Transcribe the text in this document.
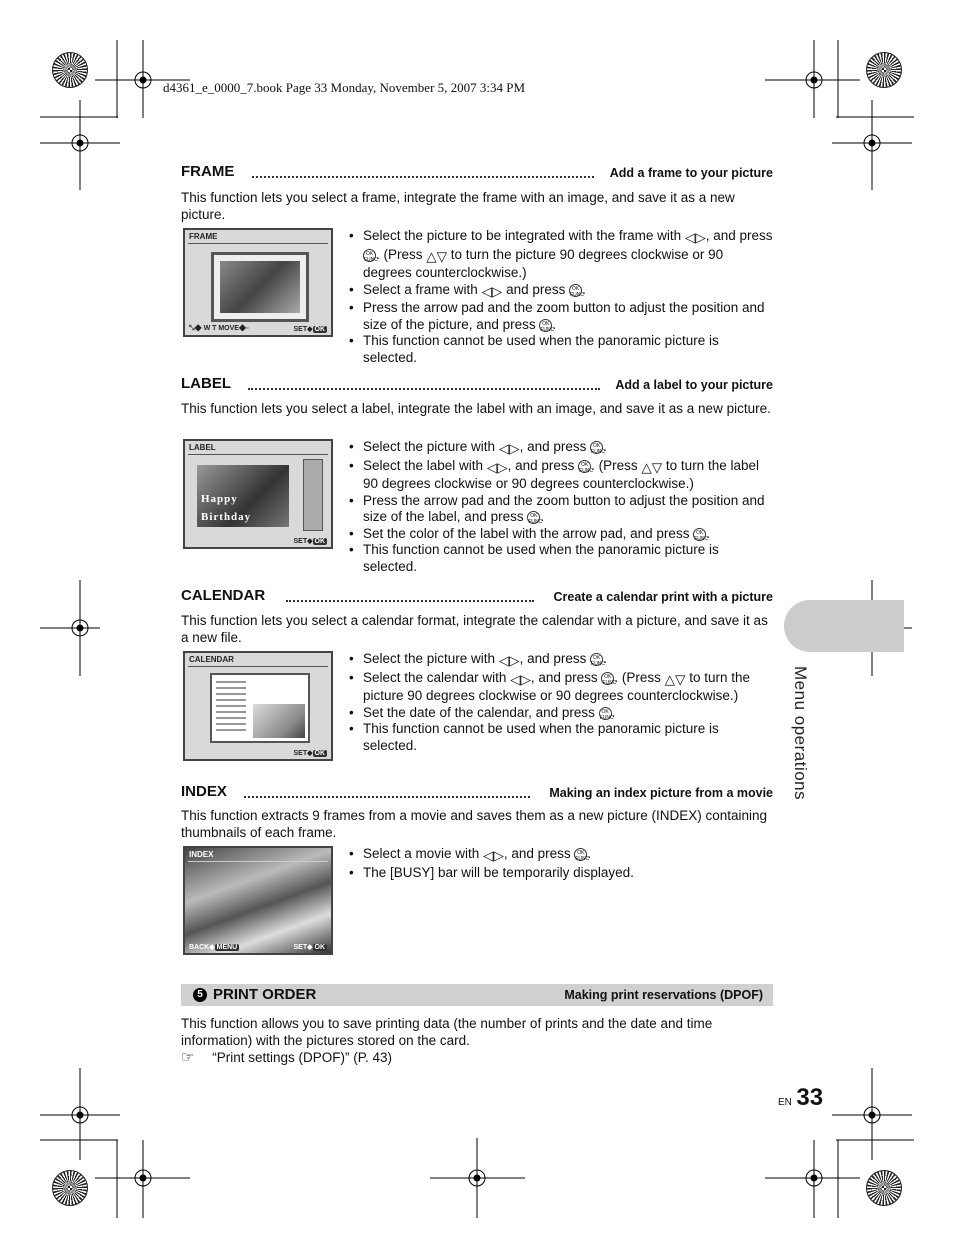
d4361_e_0000_7.book Page 33 Monday, November 5, 2007 3:34 PM
FRAME	Add a frame to your picture
This function lets you select a frame, integrate the frame with an image, and save it as a new picture.
FRAME
⤡◆ W T MOVE◆▫	SET◆ OK
• Select the picture to be integrated with the frame with ◁▷, and press OK
FUNC. (Press △▽ to turn the picture 90 degrees clockwise or 90 degrees counterclockwise.)
• Select a frame with ◁▷ and press OK
FUNC.
• Press the arrow pad and the zoom button to adjust the position and size of the picture, and press OK
FUNC.
• This function cannot be used when the panoramic picture is selected.
LABEL	Add a label to your picture
This function lets you select a label, integrate the label with an image, and save it as a new picture.
LABEL
Happy
Birthday
SET◆ OK
• Select the picture with ◁▷, and press OK
FUNC.
• Select the label with ◁▷, and press OK
FUNC. (Press △▽ to turn the label 90 degrees clockwise or 90 degrees counterclockwise.)
• Press the arrow pad and the zoom button to adjust the position and size of the label, and press OK
FUNC.
• Set the color of the label with the arrow pad, and press OK
FUNC.
• This function cannot be used when the panoramic picture is selected.
CALENDAR	Create a calendar print with a picture
This function lets you select a calendar format, integrate the calendar with a picture, and save it as a new file.
CALENDAR
SET◆ OK
• Select the picture with ◁▷, and press OK
FUNC.
• Select the calendar with ◁▷, and press OK
FUNC. (Press △▽ to turn the picture 90 degrees clockwise or 90 degrees counterclockwise.)
• Set the date of the calendar, and press OK
FUNC.
• This function cannot be used when the panoramic picture is selected.
INDEX	Making an index picture from a movie
This function extracts 9 frames from a movie and saves them as a new picture (INDEX) containing thumbnails of each frame.
INDEX
BACK◆ MENU	SET◆ OK
• Select a movie with ◁▷, and press OK
FUNC.
• The [BUSY] bar will be temporarily displayed.
5 PRINT ORDER	Making print reservations (DPOF)
This function allows you to save printing data (the number of prints and the date and time information) with the pictures stored on the card.
☞ “Print settings (DPOF)” (P. 43)
Menu operations
EN 33
